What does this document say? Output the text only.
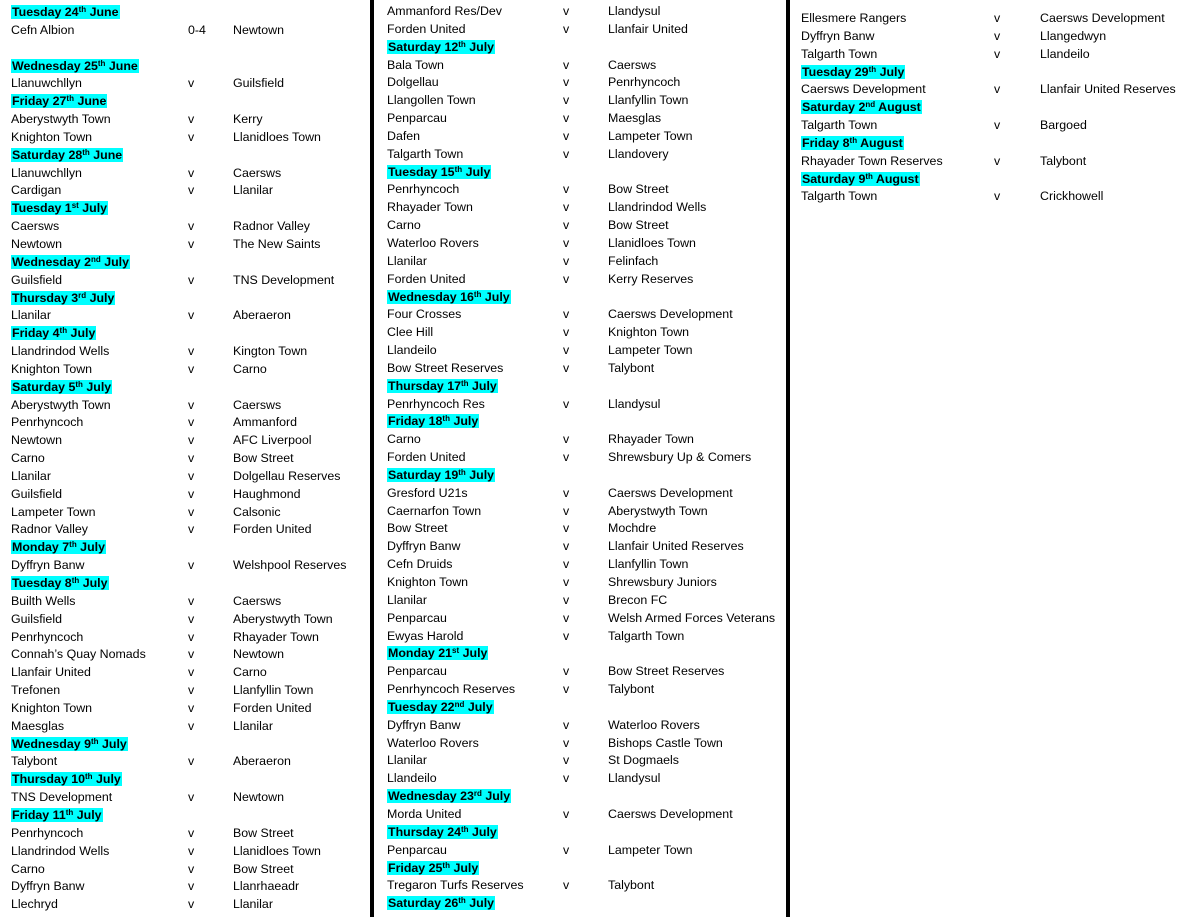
Tuesday 24th June
Cefn Albion	0-4 Newtown
Wednesday 25th June
Llanuwchllyn	v	Guilsfield
Friday 27th June
Aberystwyth Town	v	Kerry
Knighton Town	v	Llanidloes Town
Saturday 28th June
Llanuwchllyn	v	Caersws
Cardigan	v	Llanilar
Tuesday 1st July
Caersws	v	Radnor Valley
Newtown	v	The New Saints
Wednesday 2nd July
Guilsfield	v	TNS Development
Thursday 3rd July
Llanilar	v	Aberaeron
Friday 4th July
Llandrindod Wells	v	Kington Town
Knighton Town	v	Carno
Saturday 5th July
Aberystwyth Town	v	Caersws
Penrhyncoch	v	Ammanford
Newtown	v	AFC Liverpool
Carno	v	Bow Street
Llanilar	v	Dolgellau Reserves
Guilsfield	v	Haughmond
Lampeter Town	v	Calsonic
Radnor Valley	v	Forden United
Monday 7th July
Dyffryn Banw	v	Welshpool Reserves
Tuesday 8th July
Builth Wells	v	Caersws
Guilsfield	v	Aberystwyth Town
Penrhyncoch	v	Rhayader Town
Connah’s Quay Nomads	v	Newtown
Llanfair United	v	Carno
Trefonen	v	Llanfyllin Town
Knighton Town	v	Forden United
Maesglas	v	Llanilar
Wednesday 9th July
Talybont	v	Aberaeron
Thursday 10th July
TNS Development	v	Newtown
Friday 11th July
Penrhyncoch	v	Bow Street
Llandrindod Wells	v	Llanidloes Town
Carno	v	Bow Street
Dyffryn Banw	v	Llanrhaeadr
Llechryd	v	Llanilar
Ammanford Res/Dev	v	Llandysul
Forden United	v	Llanfair United
Saturday 12th July
Bala Town	v	Caersws
Dolgellau	v	Penrhyncoch
Llangollen Town	v	Llanfyllin Town
Penparcau	v	Maesglas
Dafen	v	Lampeter Town
Talgarth Town	v	Llandovery
Tuesday 15th July
Penrhyncoch	v	Bow Street
Rhayader Town	v	Llandrindod Wells
Carno	v	Bow Street
Waterloo Rovers	v	Llanidloes Town
Llanilar	v	Felinfach
Forden United	v	Kerry Reserves
Wednesday 16th July
Four Crosses	v	Caersws Development
Clee Hill	v	Knighton Town
Llandeilo	v	Lampeter Town
Bow Street Reserves	v	Talybont
Thursday 17th July
Penrhyncoch Res	v	Llandysul
Friday 18th July
Carno	v	Rhayader Town
Forden United	v	Shrewsbury Up & Comers
Saturday 19th July
Gresford U21s	v	Caersws Development
Caernarfon Town	v	Aberystwyth Town
Bow Street	v	Mochdre
Dyffryn Banw	v	Llanfair United Reserves
Cefn Druids	v	Llanfyllin Town
Knighton Town	v	Shrewsbury Juniors
Llanilar	v	Brecon FC
Penparcau	v	Welsh Armed Forces Veterans
Ewyas Harold	v	Talgarth Town
Monday 21st July
Penparcau	v	Bow Street Reserves
Penrhyncoch Reserves	v	Talybont
Tuesday 22nd July
Dyffryn Banw	v	Waterloo Rovers
Waterloo Rovers	v	Bishops Castle Town
Llanilar	v	St Dogmaels
Llandeilo	v	Llandysul
Wednesday 23rd July
Morda United	v	Caersws Development
Thursday 24th July
Penparcau	v	Lampeter Town
Friday 25th July
Tregaron Turfs Reserves	v	Talybont
Saturday 26th July
Ellesmere Rangers	v	Caersws Development
Dyffryn Banw	v	Llangedwyn
Talgarth Town	v	Llandeilo
Tuesday 29th July
Caersws Development	v	Llanfair United Reserves
Saturday 2nd August
Talgarth Town	v	Bargoed
Friday 8th August
Rhayader Town Reserves	v	Talybont
Saturday 9th August
Talgarth Town	v	Crickhowell
